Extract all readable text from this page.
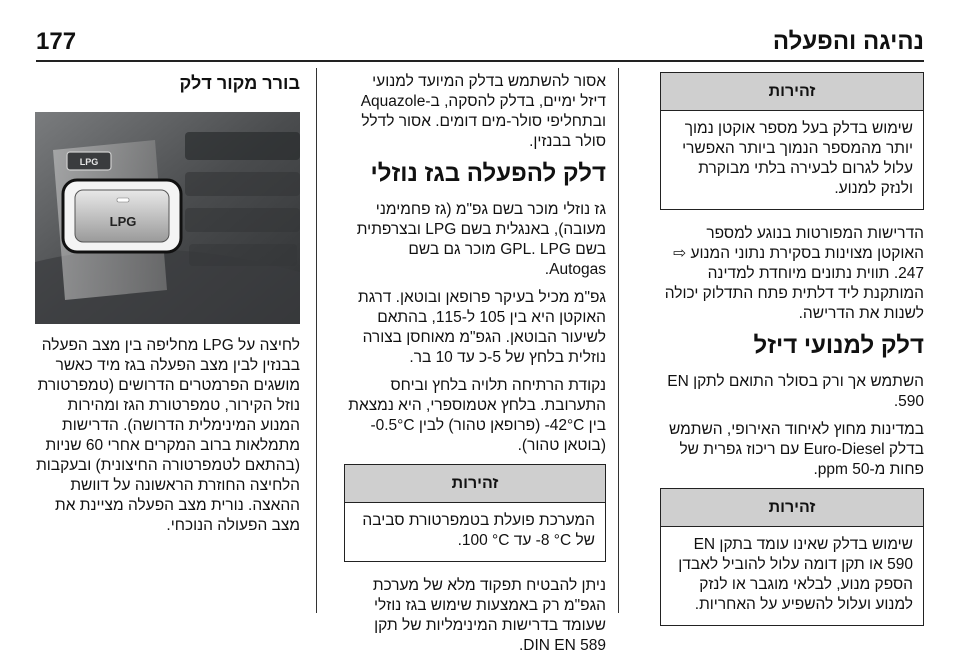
177	נהיגה והפעלה
זהירות
שימוש בדלק בעל מספר אוקטן נמוך יותר מהמספר הנמוך ביותר האפשרי עלול לגרום לבעירה בלתי מבוקרת ולנזק למנוע.

הדרישות המפורטות בנוגע למספר האוקטן מצוינות בסקירת נתוני המנוע ⇨ 247. תווית נתונים מיוחדת למדינה המותקנת ליד דלתית פתח התדלוק יכולה לשנות את הדרישה.

דלק למנועי דיזל

השתמש אך ורק בסולר התואם לתקן EN 590.

במדינות מחוץ לאיחוד האירופי, השתמש בדלק Euro-Diesel עם ריכוז גפרית של פחות מ-50 ppm.

זהירות
שימוש בדלק שאינו עומד בתקן EN 590 או תקן דומה עלול להוביל לאבדן הספק מנוע, לבלאי מוגבר או לנזק למנוע ועלול להשפיע על האחריות.

אסור להשתמש בדלק המיועד למנועי דיזל ימיים, בדלק להסקה, ב-Aquazole ובתחליפי סולר-מים דומים. אסור לדלל סולר בבנזין.

דלק להפעלה בגז נוזלי

גז נוזלי מוכר בשם גפ"מ (גז פחמימני מעובה), באנגלית בשם LPG ובצרפתית בשם GPL. LPG מוכר גם בשם Autogas.

גפ"מ מכיל בעיקר פרופאן ובוטאן. דרגת האוקטן היא בין 105 ל-115, בהתאם לשיעור הבוטאן. הגפ"מ מאוחסן בצורה נוזלית בלחץ של 5-כ עד 10 בר.

נקודת הרתיחה תלויה בלחץ וביחס התערובת. בלחץ אטמוספרי, היא נמצאת בין ‎-42°C‎ (פרופאן טהור) לבין ‎-0.5°C‎ (בוטאן טהור).

זהירות
המערכת פועלת בטמפרטורת סביבה של ‎-8 °C‎ עד ‎100 °C‎.

ניתן להבטיח תפקוד מלא של מערכת הגפ"מ רק באמצעות שימוש בגז נוזלי שעומד בדרישות המינימליות של תקן DIN EN 589.

בורר מקור דלק
LPG
LPG

לחיצה על LPG מחליפה בין מצב הפעלה בבנזין לבין מצב הפעלה בגז מיד כאשר מושגים הפרמטרים הדרושים (טמפרטורת נוזל הקירור, טמפרטורת הגז ומהירות המנוע המינימלית הדרושה). הדרישות מתמלאות ברוב המקרים אחרי 60 שניות (בהתאם לטמפרטורה החיצונית) ובעקבות הלחיצה החוזרת הראשונה על דוושת ההאצה. נורית מצב הפעלה מציינת את מצב הפעולה הנוכחי.
